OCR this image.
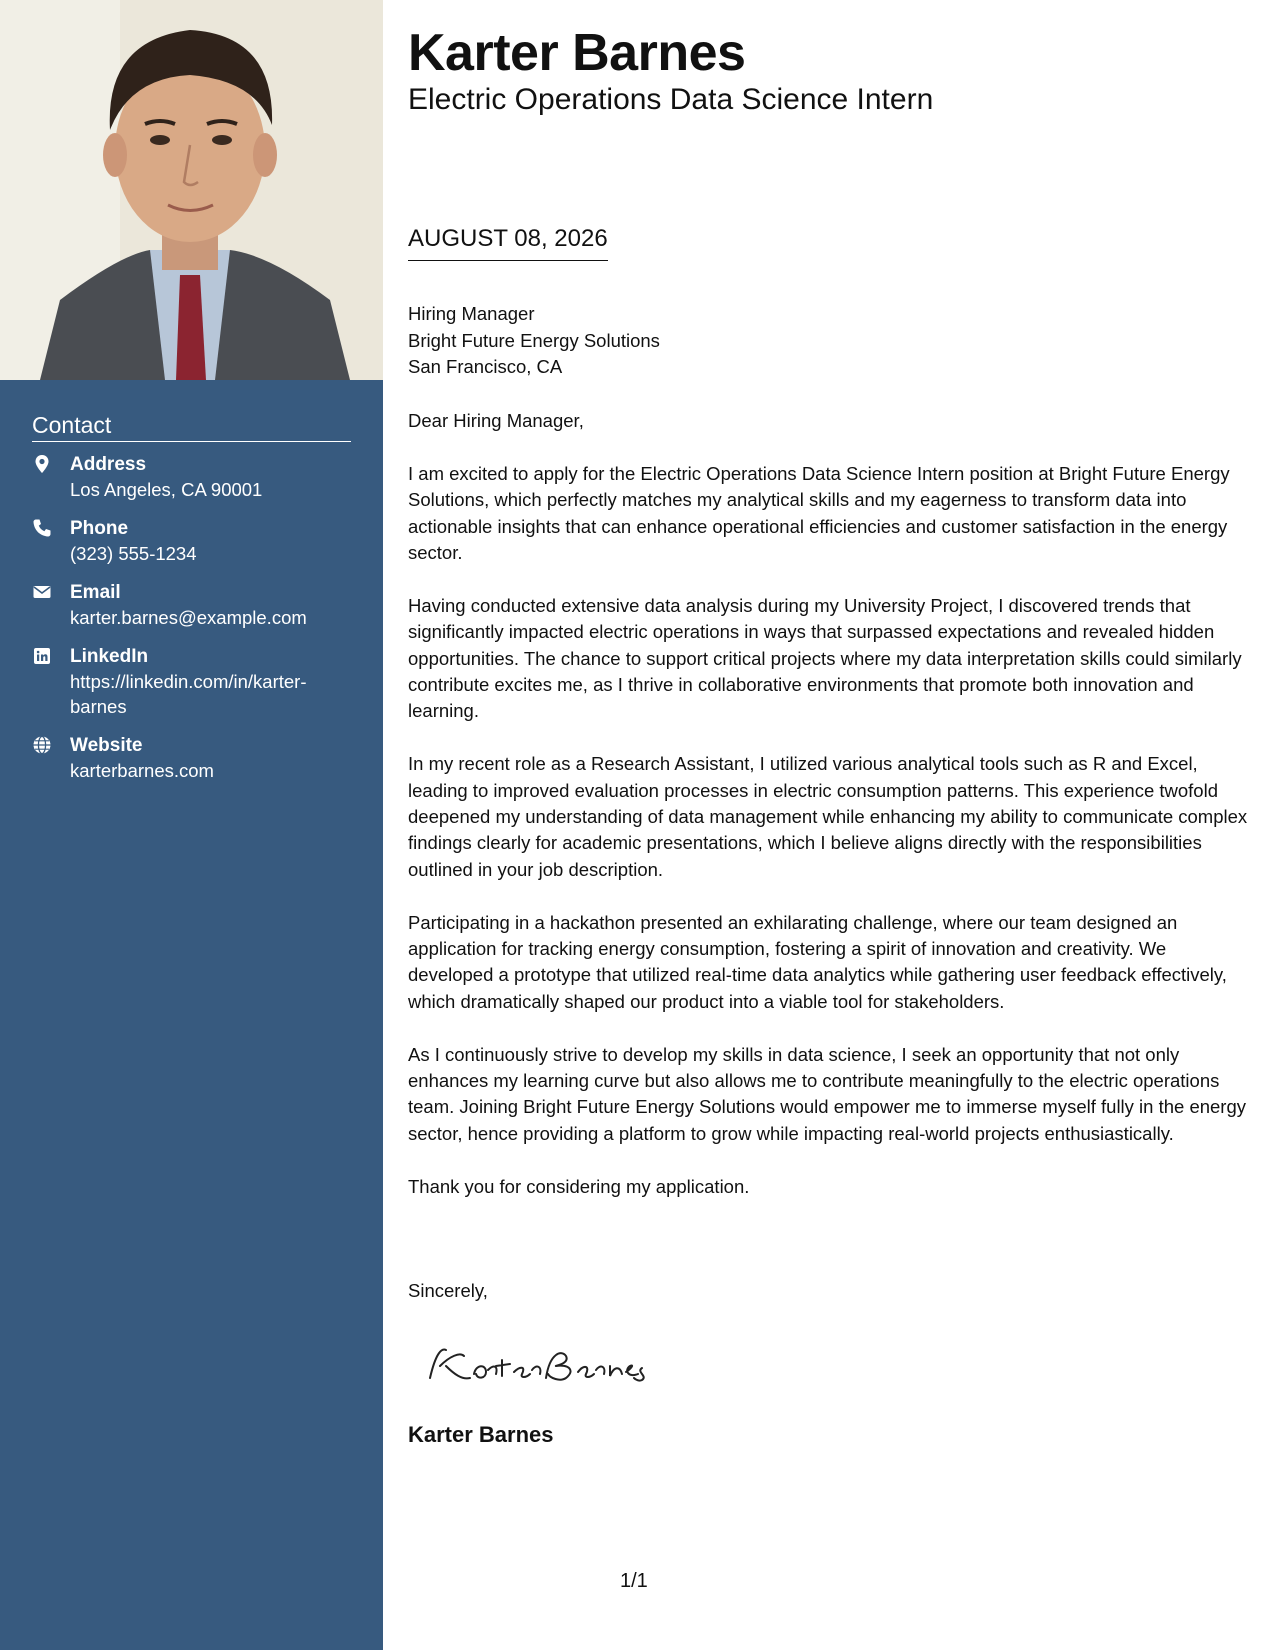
Contact
Address
Los Angeles, CA 90001
Phone
(323) 555-1234
Email
karter.barnes@example.com
LinkedIn
https://linkedin.com/in/karter-barnes
Website
karterbarnes.com
Karter Barnes
Electric Operations Data Science Intern
AUGUST 08, 2026
Hiring Manager
Bright Future Energy Solutions
San Francisco, CA

Dear Hiring Manager,

I am excited to apply for the Electric Operations Data Science Intern position at Bright Future Energy Solutions, which perfectly matches my analytical skills and my eagerness to transform data into actionable insights that can enhance operational efficiencies and customer satisfaction in the energy sector.

Having conducted extensive data analysis during my University Project, I discovered trends that significantly impacted electric operations in ways that surpassed expectations and revealed hidden opportunities. The chance to support critical projects where my data interpretation skills could similarly contribute excites me, as I thrive in collaborative environments that promote both innovation and learning.

In my recent role as a Research Assistant, I utilized various analytical tools such as R and Excel, leading to improved evaluation processes in electric consumption patterns. This experience twofold deepened my understanding of data management while enhancing my ability to communicate complex findings clearly for academic presentations, which I believe aligns directly with the responsibilities outlined in your job description.

Participating in a hackathon presented an exhilarating challenge, where our team designed an application for tracking energy consumption, fostering a spirit of innovation and creativity. We developed a prototype that utilized real-time data analytics while gathering user feedback effectively, which dramatically shaped our product into a viable tool for stakeholders.

As I continuously strive to develop my skills in data science, I seek an opportunity that not only enhances my learning curve but also allows me to contribute meaningfully to the electric operations team. Joining Bright Future Energy Solutions would empower me to immerse myself fully in the energy sector, hence providing a platform to grow while impacting real-world projects enthusiastically.

Thank you for considering my application.

Sincerely,
Karter Barnes
1/1
